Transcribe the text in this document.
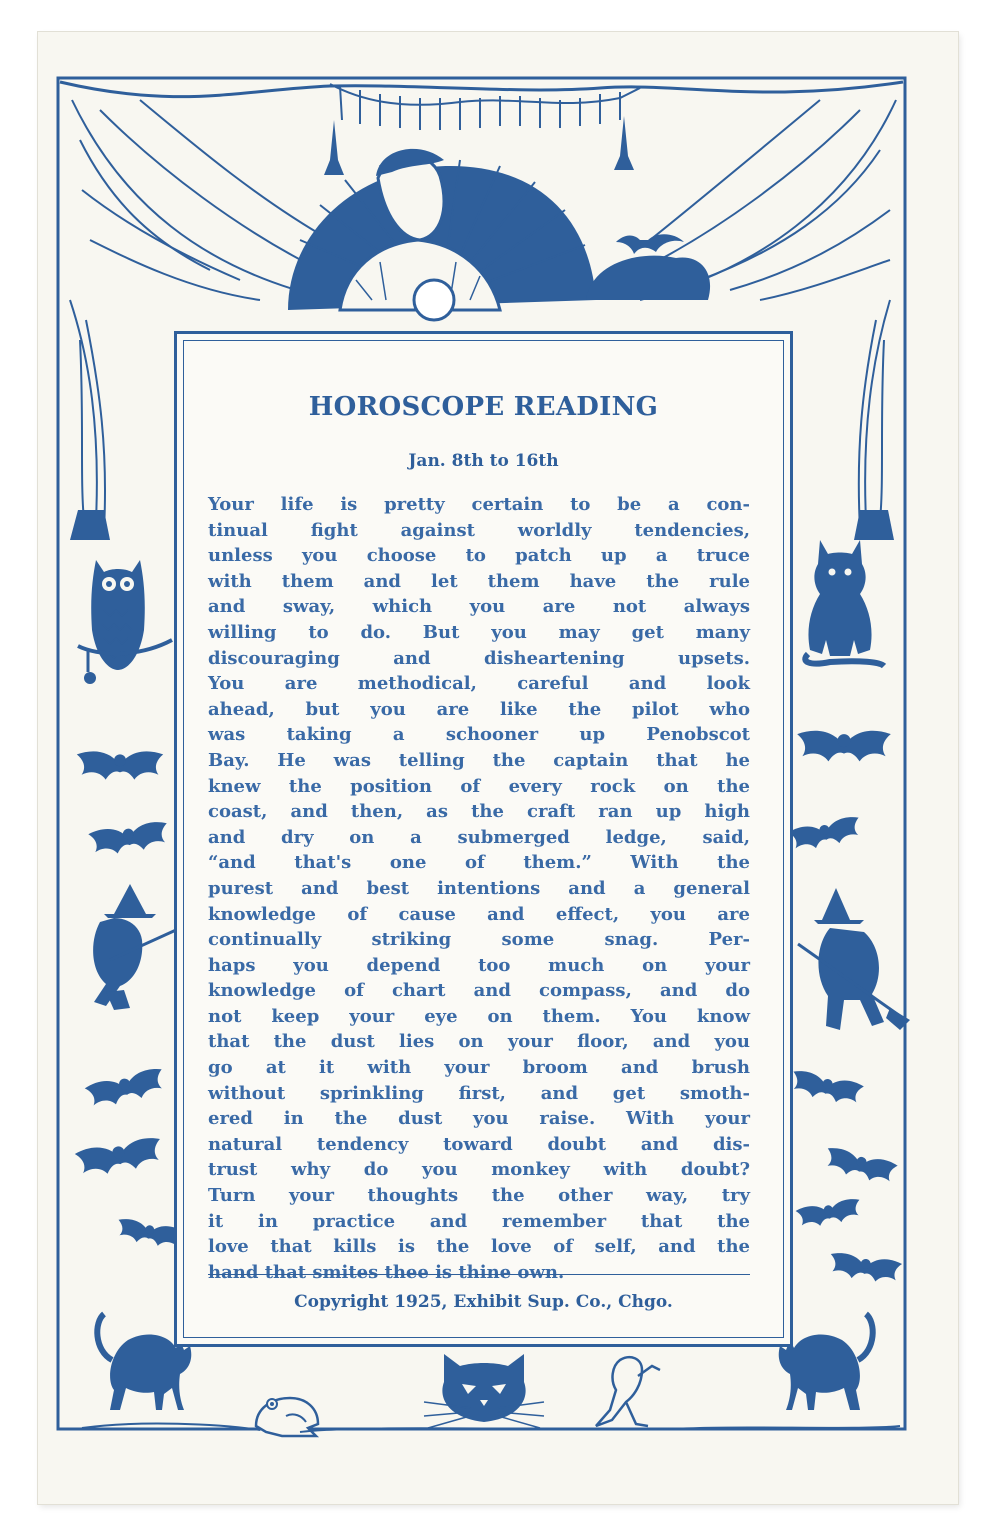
HOROSCOPE READING
Jan. 8th to 16th
Your life is pretty certain to be a con-
tinual fight against worldly tendencies,
unless you choose to patch up a truce
with them and let them have the rule
and sway, which you are not always
willing to do. But you may get many
discouraging and disheartening upsets.
You are methodical, careful and look
ahead, but you are like the pilot who
was taking a schooner up Penobscot
Bay. He was telling the captain that he
knew the position of every rock on the
coast, and then, as the craft ran up high
and dry on a submerged ledge, said,
“and that's one of them.” With the
purest and best intentions and a general
knowledge of cause and effect, you are
continually striking some snag. Per-
haps you depend too much on your
knowledge of chart and compass, and do
not keep your eye on them. You know
that the dust lies on your floor, and you
go at it with your broom and brush
without sprinkling first, and get smoth-
ered in the dust you raise. With your
natural tendency toward doubt and dis-
trust why do you monkey with doubt?
Turn your thoughts the other way, try
it in practice and remember that the
love that kills is the love of self, and the
hand that smites thee is thine own.
Copyright 1925, Exhibit Sup. Co., Chgo.
